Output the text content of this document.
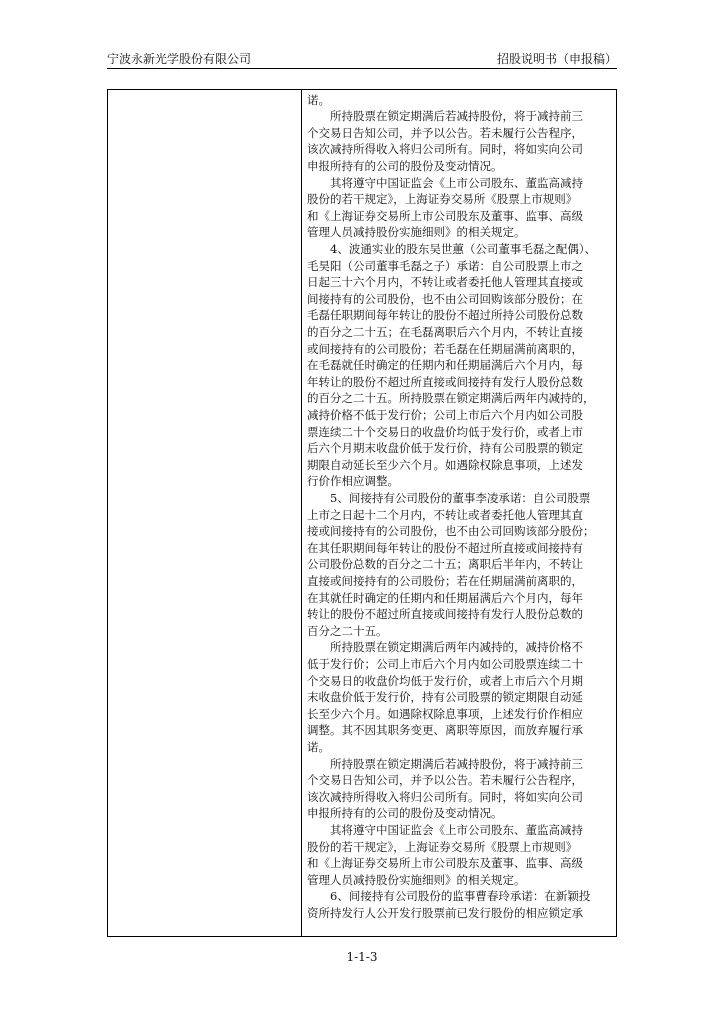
宁波永新光学股份有限公司	招股说明书（申报稿）
诺。
　　所持股票在锁定期满后若减持股份，将于减持前三
个交易日告知公司，并予以公告。若未履行公告程序，
该次减持所得收入将归公司所有。同时，将如实向公司
申报所持有的公司的股份及变动情况。
　　其将遵守中国证监会《上市公司股东、董监高减持
股份的若干规定》，上海证券交易所《股票上市规则》
和《上海证券交易所上市公司股东及董事、监事、高级
管理人员减持股份实施细则》的相关规定。
　　4、波通实业的股东吴世蕙（公司董事毛磊之配偶）、
毛昊阳（公司董事毛磊之子）承诺：自公司股票上市之
日起三十六个月内，不转让或者委托他人管理其直接或
间接持有的公司股份，也不由公司回购该部分股份；在
毛磊任职期间每年转让的股份不超过所持公司股份总数
的百分之二十五；在毛磊离职后六个月内，不转让直接
或间接持有的公司股份；若毛磊在任期届满前离职的，
在毛磊就任时确定的任期内和任期届满后六个月内，每
年转让的股份不超过所直接或间接持有发行人股份总数
的百分之二十五。所持股票在锁定期满后两年内减持的，
减持价格不低于发行价；公司上市后六个月内如公司股
票连续二十个交易日的收盘价均低于发行价，或者上市
后六个月期末收盘价低于发行价，持有公司股票的锁定
期限自动延长至少六个月。如遇除权除息事项，上述发
行价作相应调整。
　　5、间接持有公司股份的董事李凌承诺：自公司股票
上市之日起十二个月内，不转让或者委托他人管理其直
接或间接持有的公司股份，也不由公司回购该部分股份；
在其任职期间每年转让的股份不超过所直接或间接持有
公司股份总数的百分之二十五；离职后半年内，不转让
直接或间接持有的公司股份；若在任期届满前离职的，
在其就任时确定的任期内和任期届满后六个月内，每年
转让的股份不超过所直接或间接持有发行人股份总数的
百分之二十五。
　　所持股票在锁定期满后两年内减持的，减持价格不
低于发行价；公司上市后六个月内如公司股票连续二十
个交易日的收盘价均低于发行价，或者上市后六个月期
末收盘价低于发行价，持有公司股票的锁定期限自动延
长至少六个月。如遇除权除息事项，上述发行价作相应
调整。其不因其职务变更、离职等原因，而放弃履行承
诺。
　　所持股票在锁定期满后若减持股份，将于减持前三
个交易日告知公司，并予以公告。若未履行公告程序，
该次减持所得收入将归公司所有。同时，将如实向公司
申报所持有的公司的股份及变动情况。
　　其将遵守中国证监会《上市公司股东、董监高减持
股份的若干规定》，上海证券交易所《股票上市规则》
和《上海证券交易所上市公司股东及董事、监事、高级
管理人员减持股份实施细则》的相关规定。
　　6、间接持有公司股份的监事曹春玲承诺：在新颖投
资所持发行人公开发行股票前已发行股份的相应锁定承
1-1-3
